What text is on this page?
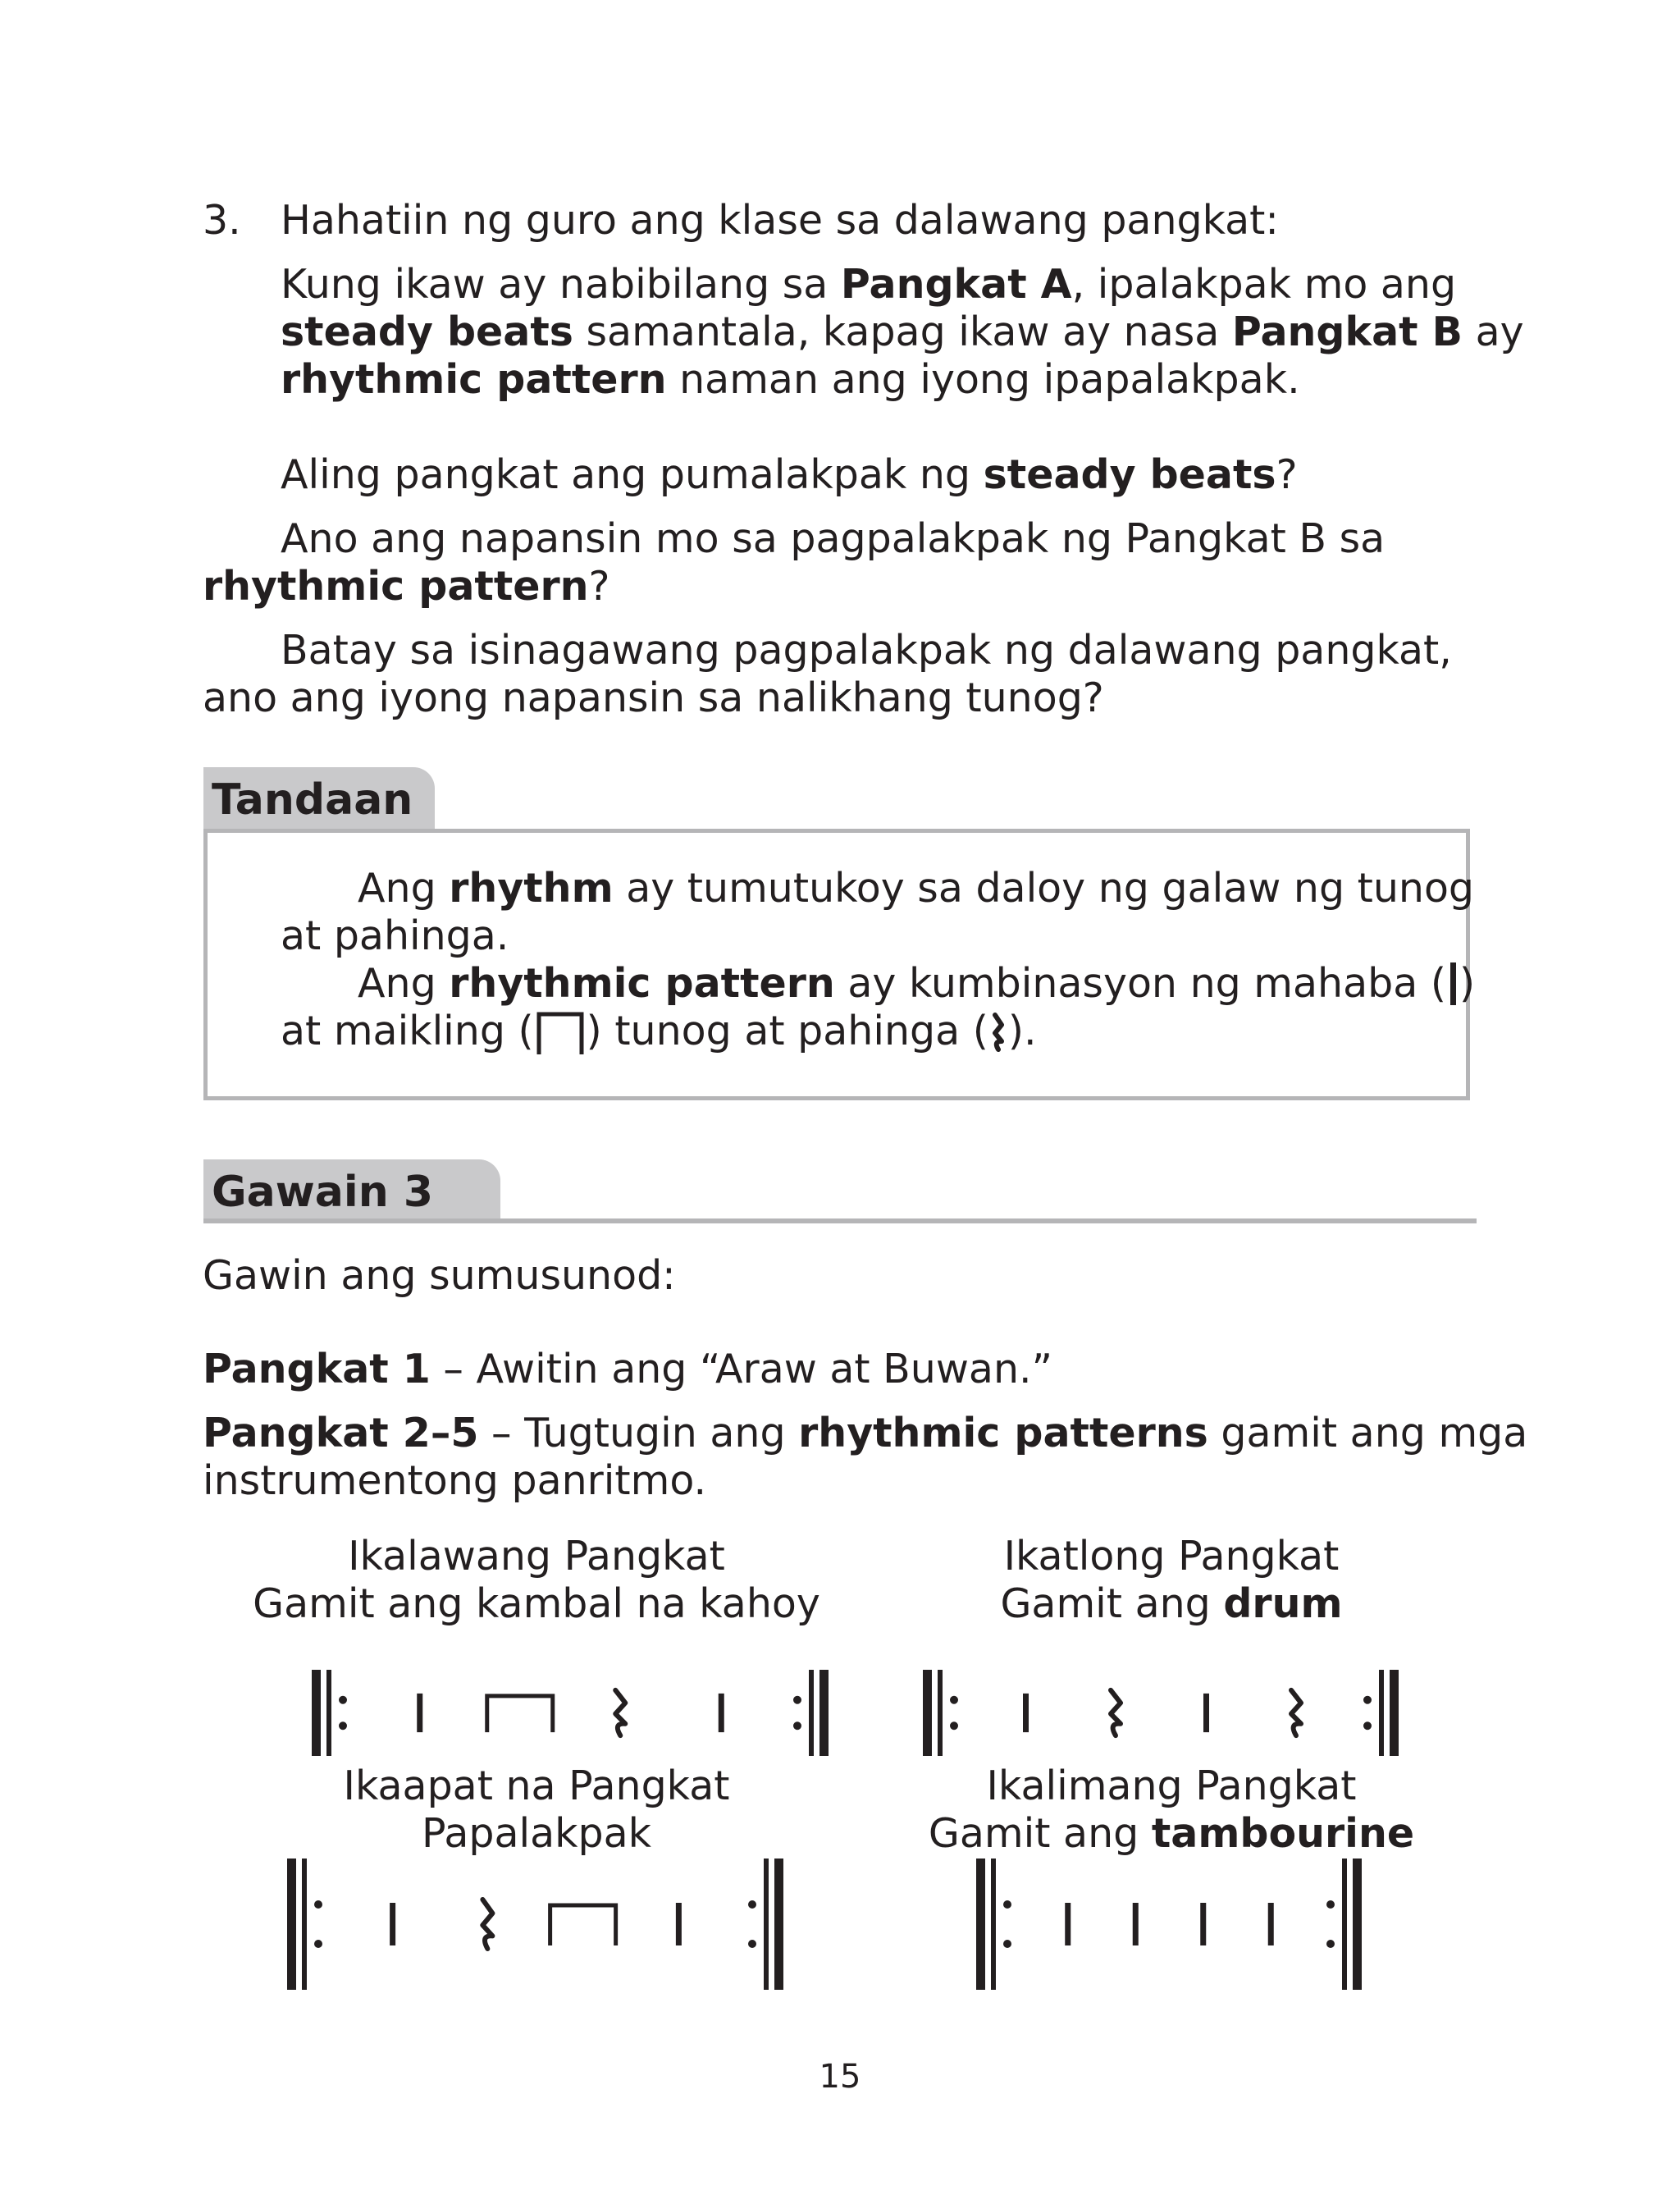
3. Hahatiin ng guro ang klase sa dalawang pangkat:
Kung ikaw ay nabibilang sa Pangkat A, ipalakpak mo ang
steady beats samantala, kapag ikaw ay nasa Pangkat B ay
rhythmic pattern naman ang iyong ipapalakpak.
Aling pangkat ang pumalakpak ng steady beats?
Ano ang napansin mo sa pagpalakpak ng Pangkat B sa
rhythmic pattern?
Batay sa isinagawang pagpalakpak ng dalawang pangkat,
ano ang iyong napansin sa nalikhang tunog?
Tandaan
Ang rhythm ay tumutukoy sa daloy ng galaw ng tunog
at pahinga.
Ang rhythmic pattern ay kumbinasyon ng mahaba ( )
at maikling ( ) tunog at pahinga ( ).
Gawain 3
Gawin ang sumusunod:
Pangkat 1 – Awitin ang “Araw at Buwan.”
Pangkat 2–5 – Tugtugin ang rhythmic patterns gamit ang mga
instrumentong panritmo.
Ikalawang Pangkat
Gamit ang kambal na kahoy
Ikatlong Pangkat
Gamit ang drum
Ikaapat na Pangkat
Papalakpak
Ikalimang Pangkat
Gamit ang tambourine
15
